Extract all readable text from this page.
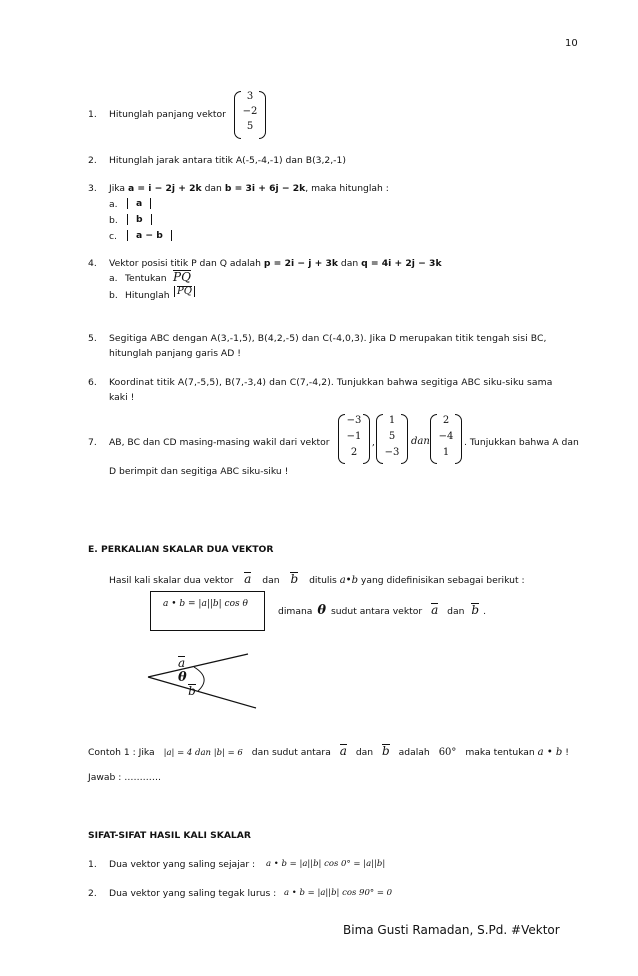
10
1. Hitunglah panjang vektor
3
−2
5
2. Hitunglah jarak antara titik A(-5,-4,-1) dan B(3,2,-1)
3. Jika a = i − 2j + 2k dan b = 3i + 6j − 2k, maka hitunglah :
a.	a
b.	b
c.	a − b
4. Vektor posisi titik P dan Q adalah p = 2i − j + 3k dan q = 4i + 2j − 3k
a. Tentukan PQ
b. Hitunglah PQ
5. Segitiga ABC dengan A(3,-1,5), B(4,2,-5) dan C(-4,0,3). Jika D merupakan titik tengah sisi BC,
hitunglah panjang garis AD !
6. Koordinat titik A(7,-5,5), B(7,-3,4) dan C(7,-4,2). Tunjukkan bahwa segitiga ABC siku-siku sama
kaki !
7. AB, BC dan CD masing-masing wakil dari vektor
−3
−1
2
,
1
5
−3
dan
2
−4
1
. Tunjukkan bahwa A dan
D berimpit dan segitiga ABC siku-siku !
E. PERKALIAN SKALAR DUA VEKTOR
Hasil kali skalar dua vektor a dan b ditulis a•b yang didefinisikan sebagai berikut :
a • b = |a||b| cos θ
dimana θ sudut antara vektor a dan b .
a
θ
b
Contoh 1 : Jika |a| = 4 dan |b| = 6 dan sudut antara a dan b adalah 60° maka tentukan a • b !
Jawab : …………
SIFAT-SIFAT HASIL KALI SKALAR
1. Dua vektor yang saling sejajar : a • b = |a||b| cos 0° = |a||b|
2. Dua vektor yang saling tegak lurus : a • b = |a||b| cos 90° = 0
Bima Gusti Ramadan, S.Pd. #Vektor
